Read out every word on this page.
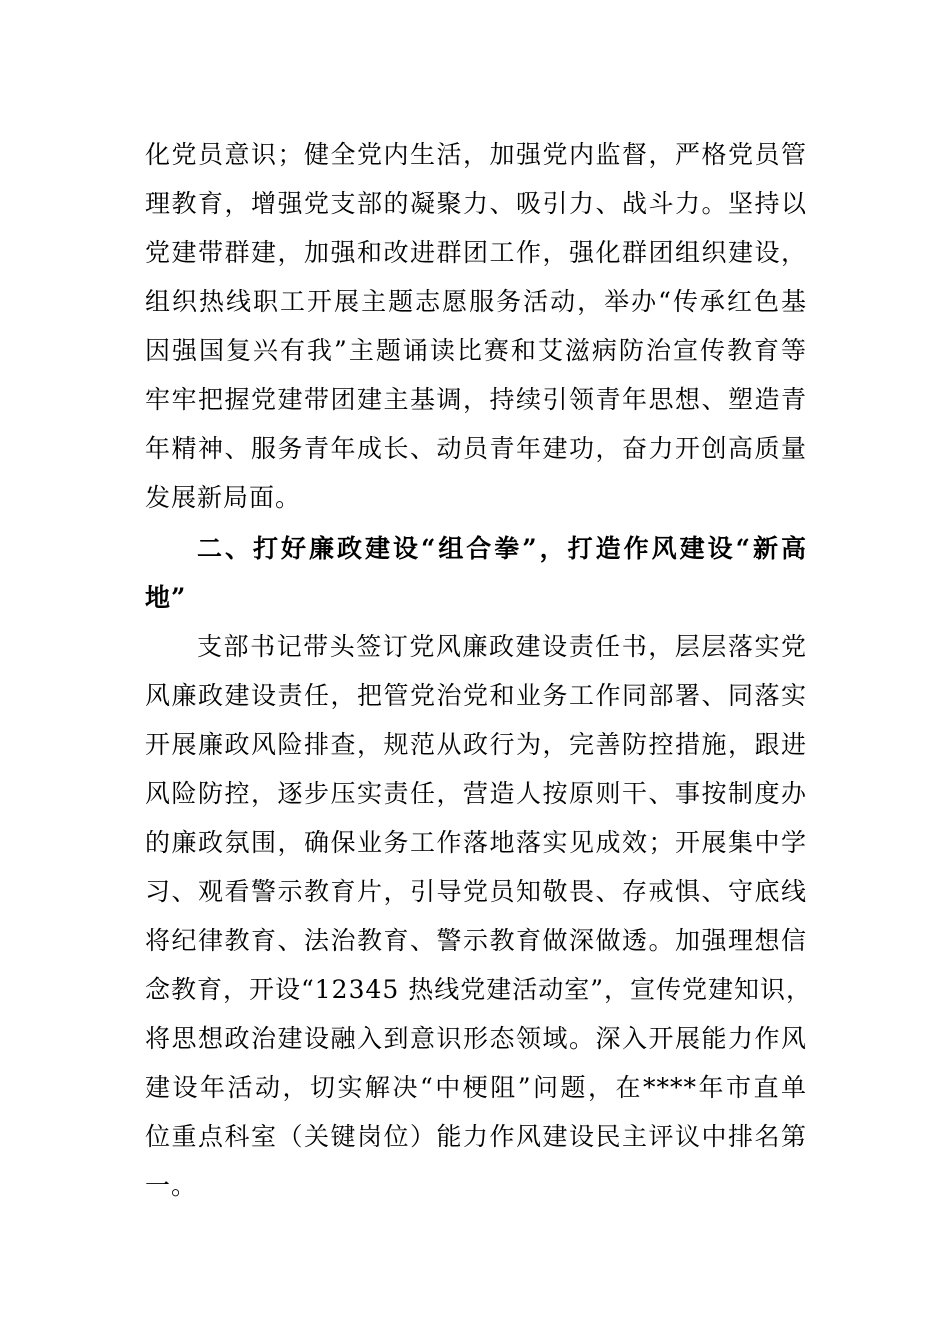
化党员意识；健全党内生活，加强党内监督，严格党员管
理教育，增强党支部的凝聚力、吸引力、战斗力。坚持以
党建带群建，加强和改进群团工作，强化群团组织建设，
组织热线职工开展主题志愿服务活动，举办“传承红色基
因强国复兴有我”主题诵读比赛和艾滋病防治宣传教育等
牢牢把握党建带团建主基调，持续引领青年思想、塑造青
年精神、服务青年成长、动员青年建功，奋力开创高质量
发展新局面。
二、打好廉政建设“组合拳”，打造作风建设“新高
地”
支部书记带头签订党风廉政建设责任书，层层落实党
风廉政建设责任，把管党治党和业务工作同部署、同落实
开展廉政风险排查，规范从政行为，完善防控措施，跟进
风险防控，逐步压实责任，营造人按原则干、事按制度办
的廉政氛围，确保业务工作落地落实见成效；开展集中学
习、观看警示教育片，引导党员知敬畏、存戒惧、守底线
将纪律教育、法治教育、警示教育做深做透。加强理想信
念教育，开设“12345 热线党建活动室”，宣传党建知识，
将思想政治建设融入到意识形态领域。深入开展能力作风
建设年活动，切实解决“中梗阻”问题，在****年市直单
位重点科室（关键岗位）能力作风建设民主评议中排名第
一。
